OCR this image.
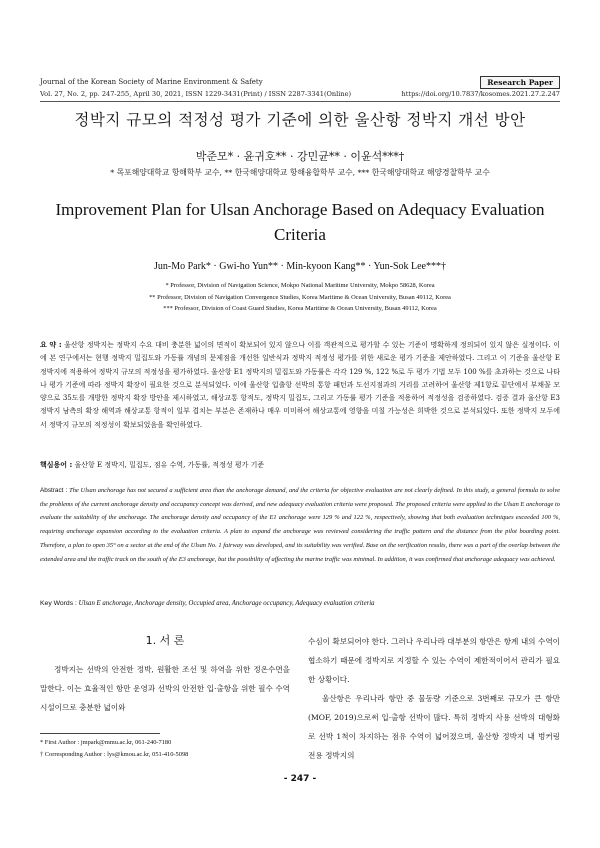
Journal of the Korean Society of Marine Environment & Safety	Research Paper
Vol. 27, No. 2, pp. 247-255, April 30, 2021, ISSN 1229-3431(Print) / ISSN 2287-3341(Online)	https://doi.org/10.7837/kosomes.2021.27.2.247
정박지 규모의 적정성 평가 기준에 의한 울산항 정박지 개선 방안
박준모* · 윤귀호** · 강민균** · 이윤석***†
* 목포해양대학교 항해학부 교수, ** 한국해양대학교 항해융합학부 교수, *** 한국해양대학교 해양경찰학부 교수
Improvement Plan for Ulsan Anchorage Based on Adequacy Evaluation Criteria
Jun-Mo Park* · Gwi-ho Yun** · Min-kyoon Kang** · Yun-Sok Lee***†
* Professor, Division of Navigation Science, Mokpo National Maritime University, Mokpo 58628, Korea
** Professor, Division of Navigation Convergence Studies, Korea Maritime & Ocean University, Busan 49112, Korea
*** Professor, Division of Coast Guard Studies, Korea Maritime & Ocean University, Busan 49112, Korea
요 약 : 울산항 정박지는 정박지 수요 대비 충분한 넓이의 면적이 확보되어 있지 않으나 이를 객관적으로 평가할 수 있는 기준이 명확하게 정의되어 있지 않은 실정이다. 이에 본 연구에서는 현행 정박지 밀집도와 가동률 개념의 문제점을 개선한 일반식과 정박지 적정성 평가를 위한 새로운 평가 기준을 제안하였다. 그리고 이 기준을 울산항 E 정박지에 적용하여 정박지 규모의 적정성을 평가하였다. 울산항 E1 정박지의 밀집도와 가동률은 각각 129 %, 122 %로 두 평가 기법 모두 100 %를 초과하는 것으로 나타나 평가 기준에 따라 정박지 확장이 필요한 것으로 분석되었다. 이에 울산항 입출항 선박의 통항 패턴과 도선지점과의 거리를 고려하여 울산항 제1항로 끝단에서 부채꼴 모양으로 35도를 개방한 정박지 확장 방안을 제시하였고, 해상교통 항적도, 정박지 밀집도, 그리고 가동률 평가 기준을 적용하여 적정성을 검증하였다. 검증 결과 울산항 E3 정박지 남측의 확장 해역과 해상교통 항적이 일부 겹치는 부분은 존재하나 매우 미미하여 해상교통에 영향을 미칠 가능성은 희박한 것으로 분석되었다. 또한 정박지 모두에서 정박지 규모의 적정성이 확보되었음을 확인하였다.
핵심용어 : 울산항 E 정박지, 밀집도, 점유 수역, 가동률, 적정성 평가 기준
Abstract : The Ulsan anchorage has not secured a sufficient area than the anchorage demand, and the criteria for objective evaluation are not clearly defined. In this study, a general formula to solve the problems of the current anchorage density and occupancy concept was derived, and new adequacy evaluation criteria were proposed. The proposed criteria were applied to the Ulsan E anchorage to evaluate the suitability of the anchorage. The anchorage density and occupancy of the E1 anchorage were 129 % and 122 %, respectively, showing that both evaluation techniques exceeded 100 %, requiring anchorage expansion according to the evaluation criteria. A plan to expand the anchorage was reviewed considering the traffic pattern and the distance from the pilot boarding point. Therefore, a plan to open 35° on a sector at the end of the Ulsan No. 1 fairway was developed, and its suitability was verified. Base on the verification results, there was a part of the overlap between the extended area and the traffic track on the south of the E3 anchorage, but the possibility of affecting the marine traffic was minimal. In addition, it was confirmed that anchorage adequacy was achieved.
Key Words : Ulsan E anchorage, Anchorage density, Occupied area, Anchorage occupancy, Adequacy evaluation criteria
1. 서 론

정박지는 선박의 안전한 정박, 원활한 조선 및 하역을 위한 정온수면을 말한다. 이는 효율적인 항만 운영과 선박의 안전한 입·출항을 위한 필수 수역시설이므로 충분한 넓이와

수심이 확보되어야 한다. 그러나 우리나라 대부분의 항만은 항계 내의 수역이 협소하기 때문에 정박지로 지정할 수 있는 수역이 제한적이어서 관리가 필요한 상황이다.

울산항은 우리나라 항만 중 물동량 기준으로 3번째로 규모가 큰 항만(MOF, 2019)으로써 입·출항 선박이 많다. 특히 정박지 사용 선박의 대형화로 선박 1척이 차지하는 점유 수역이 넓어졌으며, 울산항 정박지 내 벙커링 전용 정박지의

* First Author : jmpark@mmu.ac.kr, 061-240-7180
† Corresponding Author : lys@kmou.ac.kr, 051-410-5098
- 247 -
